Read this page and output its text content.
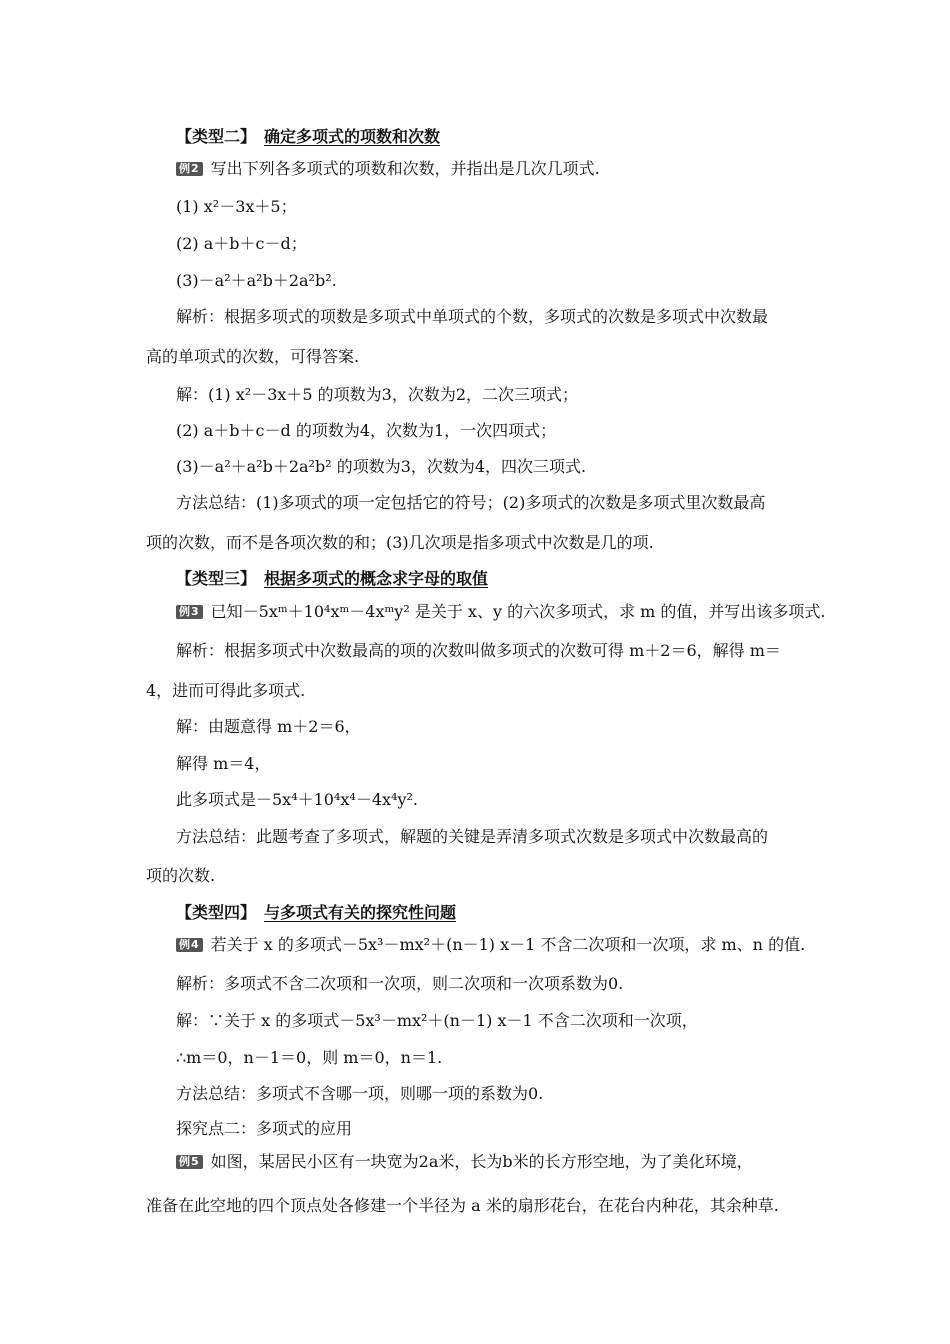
【类型二】 确定多项式的项数和次数
例2 写出下列各多项式的项数和次数，并指出是几次几项式.
(1) x²－3x＋5；
(2) a＋b＋c－d；
(3)－a²＋a²b＋2a²b².
解析：根据多项式的项数是多项式中单项式的个数，多项式的次数是多项式中次数最
高的单项式的次数，可得答案.
解：(1) x²－3x＋5 的项数为3，次数为2，二次三项式；
(2) a＋b＋c－d 的项数为4，次数为1，一次四项式；
(3)－a²＋a²b＋2a²b² 的项数为3，次数为4，四次三项式.
方法总结：(1)多项式的项一定包括它的符号；(2)多项式的次数是多项式里次数最高
项的次数，而不是各项次数的和；(3)几次项是指多项式中次数是几的项.
【类型三】 根据多项式的概念求字母的取值
例3 已知－5xᵐ＋10⁴xᵐ－4xᵐy² 是关于 x、y 的六次多项式，求 m 的值，并写出该多项式.
解析：根据多项式中次数最高的项的次数叫做多项式的次数可得 m＋2＝6，解得 m＝
4，进而可得此多项式.
解：由题意得 m＋2＝6，
解得 m＝4，
此多项式是－5x⁴＋10⁴x⁴－4x⁴y².
方法总结：此题考查了多项式，解题的关键是弄清多项式次数是多项式中次数最高的
项的次数.
【类型四】 与多项式有关的探究性问题
例4 若关于 x 的多项式－5x³－mx²＋(n－1) x－1 不含二次项和一次项，求 m、n 的值.
解析：多项式不含二次项和一次项，则二次项和一次项系数为0.
解：∵关于 x 的多项式－5x³－mx²＋(n－1) x－1 不含二次项和一次项，
∴m＝0，n－1＝0，则 m＝0，n＝1.
方法总结：多项式不含哪一项，则哪一项的系数为0.
探究点二：多项式的应用
例5 如图，某居民小区有一块宽为2a米，长为b米的长方形空地，为了美化环境，
准备在此空地的四个顶点处各修建一个半径为 a 米的扇形花台，在花台内种花，其余种草.
